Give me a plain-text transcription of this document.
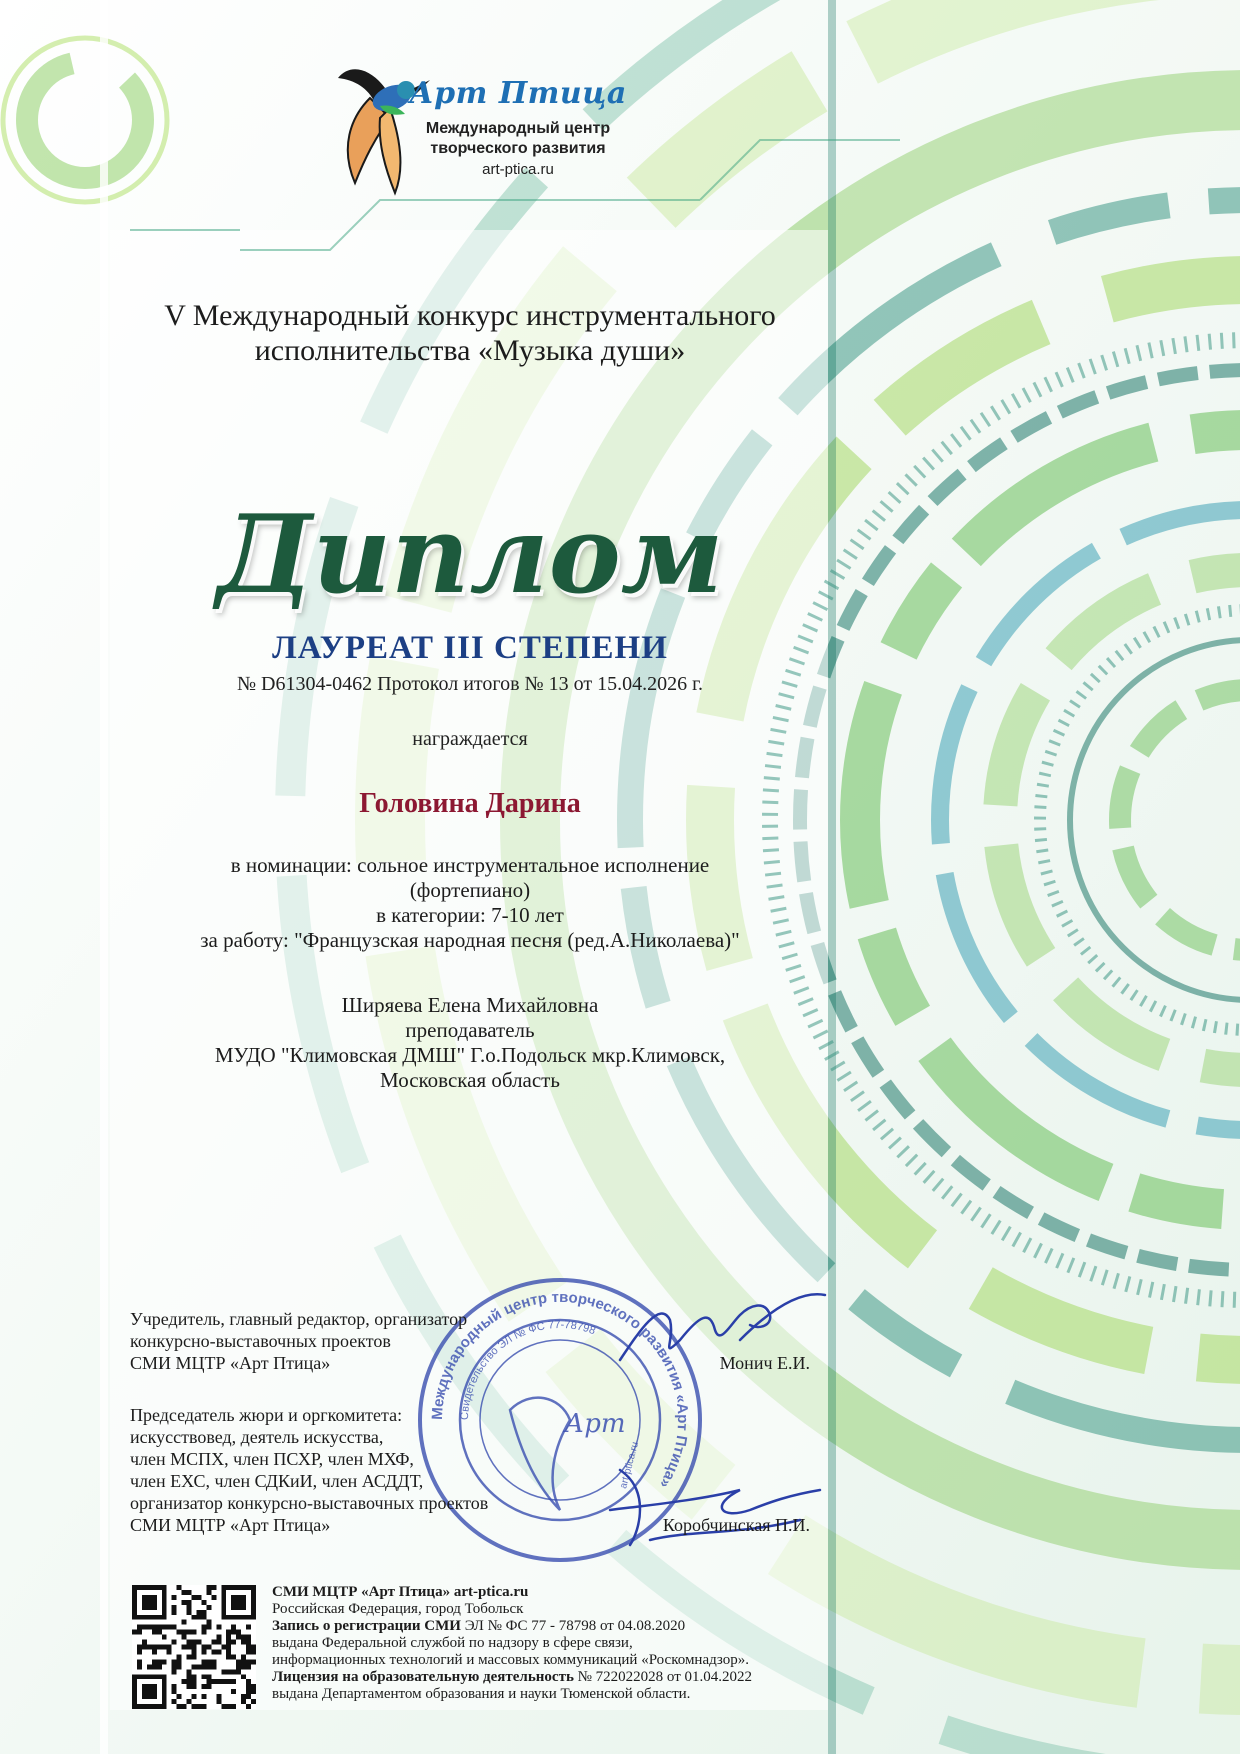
Арт Птица
Международный центр
творческого развития
art-ptica.ru
V Международный конкурс инструментального исполнительства «Музыка души»
Диплом
ЛАУРЕАТ III СТЕПЕНИ
№ D61304-0462 Протокол итогов № 13 от 15.04.2026 г.
награждается
Головина Дарина
в номинации: сольное инструментальное исполнение
(фортепиано)
в категории: 7-10 лет
за работу: "Французская народная песня (ред.А.Николаева)"
Ширяева Елена Михайловна
преподаватель
МУДО "Климовская ДМШ" Г.о.Подольск мкр.Климовск,
Московская область
Международный центр творческого развития «Арт Птица»
Свидетельство ЭЛ № ФС 77-78798
Арт
art-ptica.ru
Учредитель, главный редактор, организатор
конкурсно-выставочных проектов
СМИ МЦТР «Арт Птица»	Монич Е.И.
Председатель жюри и оргкомитета:
искусствовед, деятель искусства,
член МСПХ, член ПСХР, член МХФ,
член ЕХС, член СДКиИ, член АСДДТ,
организатор конкурсно-выставочных проектов
СМИ МЦТР «Арт Птица»	Коробчинская П.И.
СМИ МЦТР «Арт Птица» art-ptica.ru
Российская Федерация, город Тобольск
Запись о регистрации СМИ ЭЛ № ФС 77 - 78798 от 04.08.2020
выдана Федеральной службой по надзору в сфере связи,
информационных технологий и массовых коммуникаций «Роскомнадзор».
Лицензия на образовательную деятельность № 722022028 от 01.04.2022
выдана Департаментом образования и науки Тюменской области.
